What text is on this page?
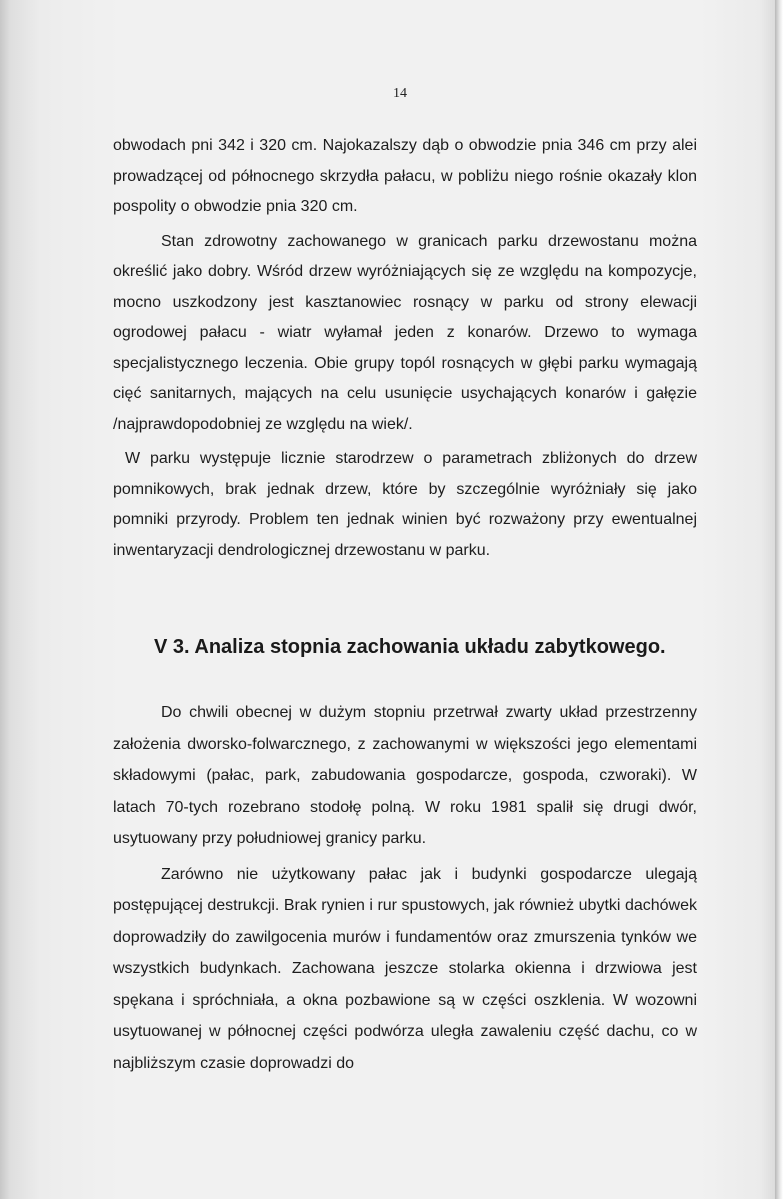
14

obwodach pni 342 i 320 cm. Najokazalszy dąb o obwodzie pnia 346 cm przy alei prowadzącej od północnego skrzydła pałacu, w pobliżu niego rośnie okazały klon pospolity o obwodzie pnia 320 cm.

Stan zdrowotny zachowanego w granicach parku drzewostanu można określić jako dobry. Wśród drzew wyróżniających się ze względu na kompozycje, mocno uszkodzony jest kasztanowiec rosnący w parku od strony elewacji ogrodowej pałacu - wiatr wyłamał jeden z konarów. Drzewo to wymaga specjalistycznego leczenia. Obie grupy topól rosnących w głębi parku wymagają cięć sanitarnych, mających na celu usunięcie usychających konarów i gałęzie /najprawdopodobniej ze względu na wiek/.

W parku występuje licznie starodrzew o parametrach zbliżonych do drzew pomnikowych, brak jednak drzew, które by szczególnie wyróżniały się jako pomniki przyrody. Problem ten jednak winien być rozważony przy ewentualnej inwentaryzacji dendrologicznej drzewostanu w parku.

V 3. Analiza stopnia zachowania układu zabytkowego.

Do chwili obecnej w dużym stopniu przetrwał zwarty układ przestrzenny założenia dworsko-folwarcznego, z zachowanymi w większości jego elementami składowymi (pałac, park, zabudowania gospodarcze, gospoda, czworaki). W latach 70-tych rozebrano stodołę polną. W roku 1981 spalił się drugi dwór, usytuowany przy południowej granicy parku.

Zarówno nie użytkowany pałac jak i budynki gospodarcze ulegają postępującej destrukcji. Brak rynien i rur spustowych, jak również ubytki dachówek doprowadziły do zawilgocenia murów i fundamentów oraz zmurszenia tynków we wszystkich budynkach. Zachowana jeszcze stolarka okienna i drzwiowa jest spękana i spróchniała, a okna pozbawione są w części oszklenia. W wozowni usytuowanej w północnej części podwórza uległa zawaleniu część dachu, co w najbliższym czasie doprowadzi do
